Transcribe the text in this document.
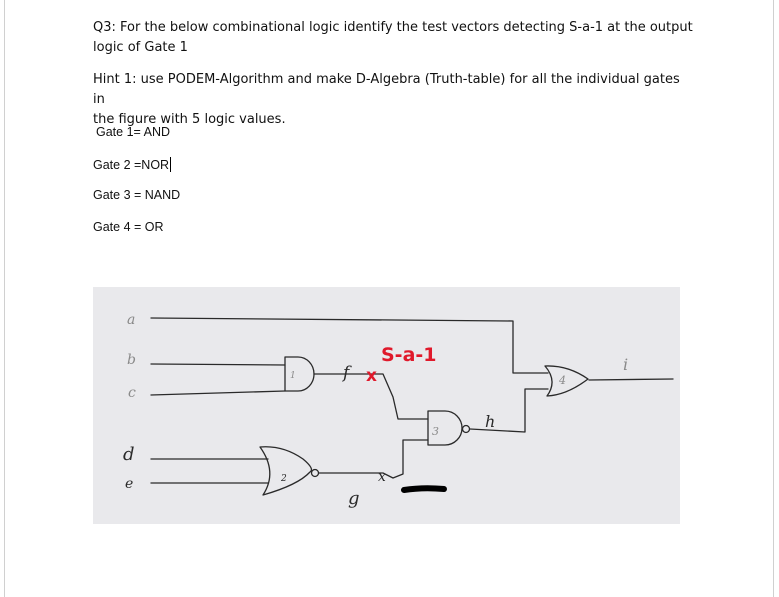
Q3: For the below combinational logic identify the test vectors detecting S-a-1 at the output
logic of Gate 1

Hint 1: use PODEM-Algorithm and make D-Algebra (Truth-table) for all the individual gates in
the figure with 5 logic values.

Gate 1= AND

Gate 2 =NOR

Gate 3 = NAND

Gate 4 = OR

a
b
c
i
1
3
4
d
e
f
g
h
2	x
S-a-1
x
